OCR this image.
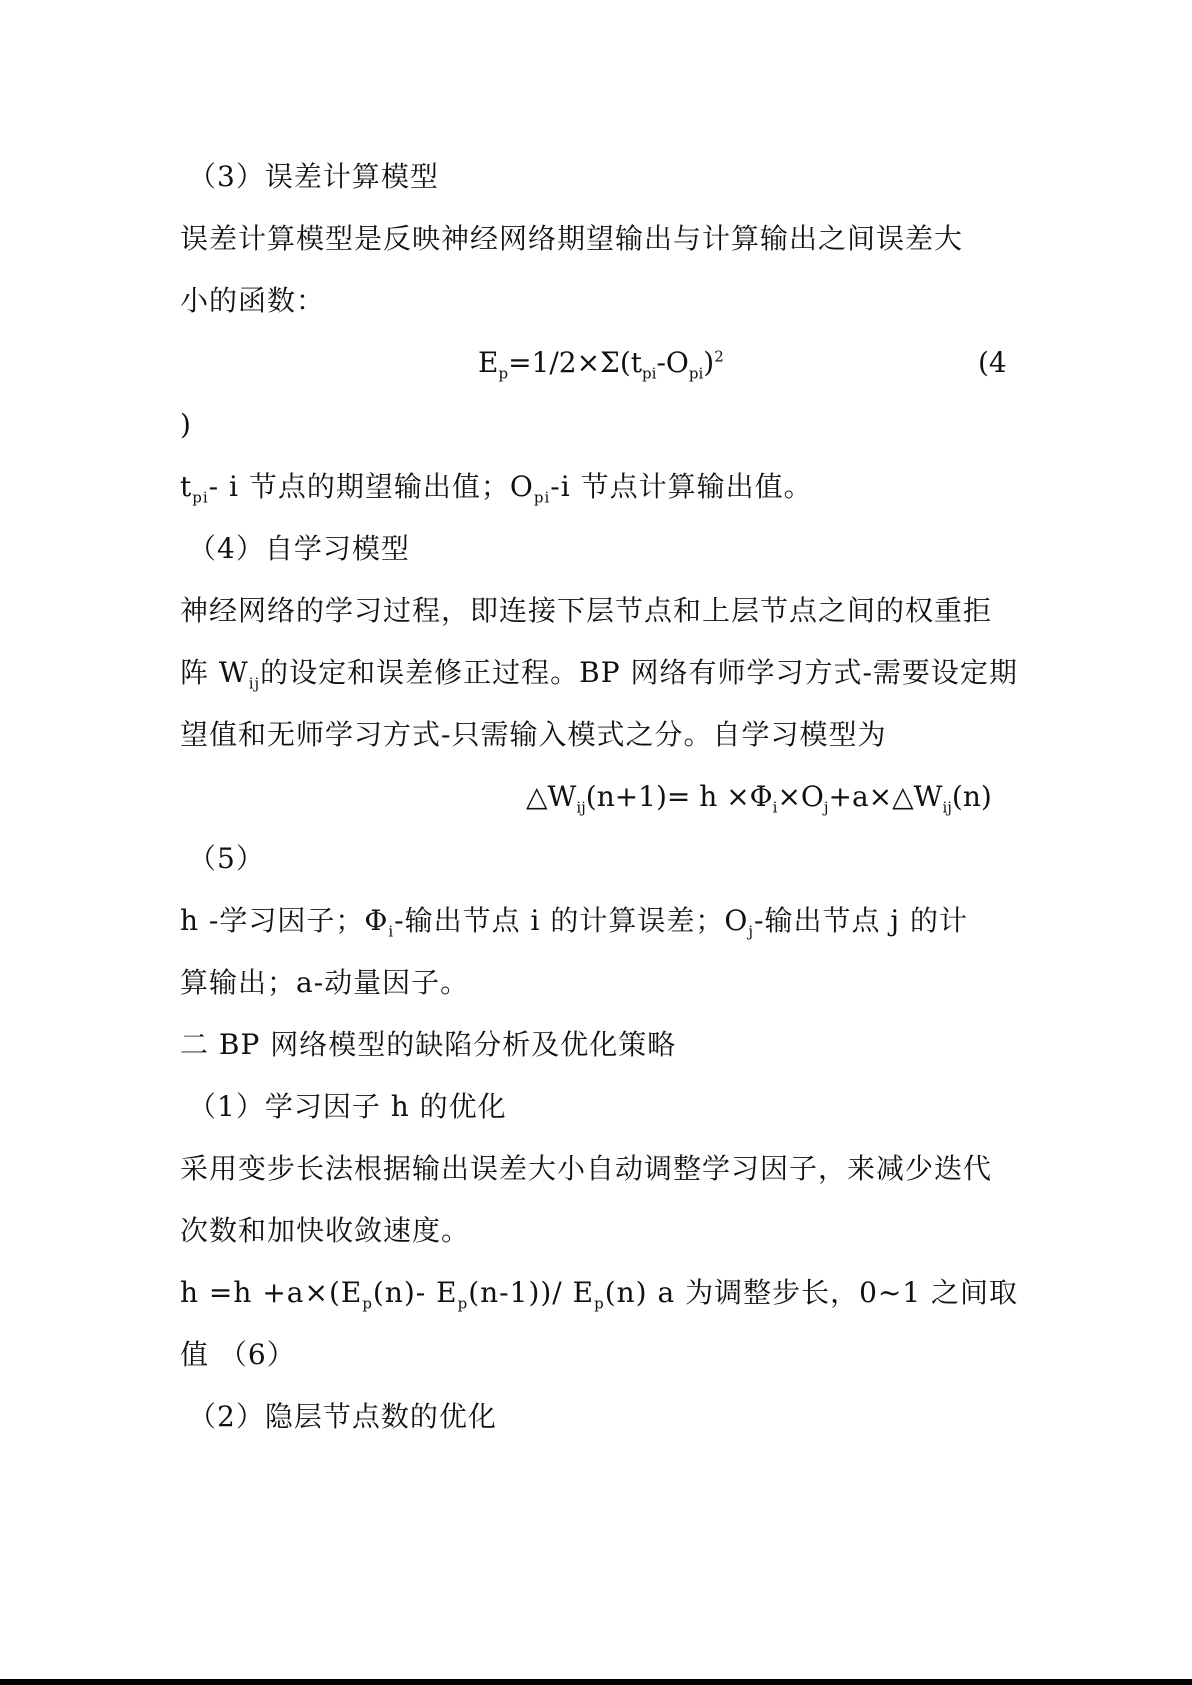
（3）误差计算模型
误差计算模型是反映神经网络期望输出与计算输出之间误差大
小的函数：
$E_p=1/2\times\Sigma(t_{pi}-O_{pi})^2$	(4
)
$t_{pi}-$ i 节点的期望输出值；$O_{pi}-i$ 节点计算输出值。
（4）自学习模型
神经网络的学习过程，即连接下层节点和上层节点之间的权重拒
阵 $W_{ij}$的设定和误差修正过程。BP 网络有师学习方式-需要设定期
望值和无师学习方式-只需输入模式之分。自学习模型为
$\triangle W_{ij}(n+1)= h$ $\times\Phi_i\times O_j+a\times\triangle W_{ij}(n)$
（5）
h -学习因子；$\Phi_i-$输出节点 i 的计算误差；$O_j-$输出节点 j 的计
算输出；a-动量因子。
二 BP 网络模型的缺陷分析及优化策略
（1）学习因子 h 的优化
采用变步长法根据输出误差大小自动调整学习因子，来减少迭代
次数和加快收敛速度。
$h =h +a\times(E_p(n)-$ $E_p(n-1))/$ $E_p(n)$ a 为调整步长，0~1 之间取
值 （6）
（2）隐层节点数的优化
